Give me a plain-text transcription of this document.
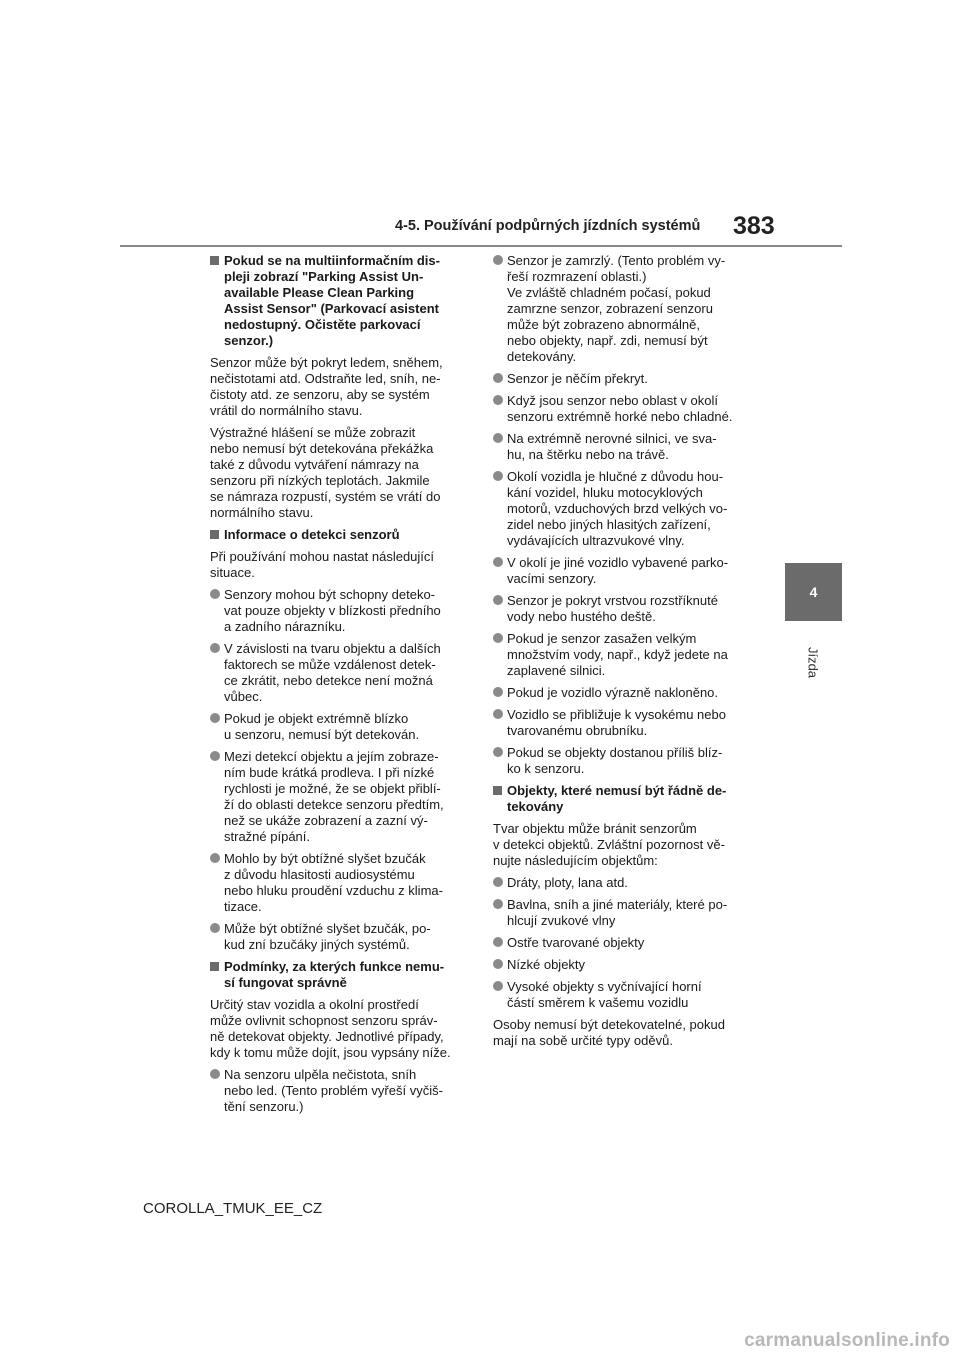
4-5. Používání podpůrných jízdních systémů 383
4
Jízda
Pokud se na multiinformačním dis-
pleji zobrazí "Parking Assist Un-
available Please Clean Parking
Assist Sensor" (Parkovací asistent
nedostupný. Očistěte parkovací
senzor.)
Senzor může být pokryt ledem, sněhem,
nečistotami atd. Odstraňte led, sníh, ne-
čistoty atd. ze senzoru, aby se systém
vrátil do normálního stavu.
Výstražné hlášení se může zobrazit
nebo nemusí být detekována překážka
také z důvodu vytváření námrazy na
senzoru při nízkých teplotách. Jakmile
se námraza rozpustí, systém se vrátí do
normálního stavu.
Informace o detekci senzorů
Při používání mohou nastat následující
situace.
Senzory mohou být schopny deteko-
vat pouze objekty v blízkosti předního
a zadního nárazníku.
V závislosti na tvaru objektu a dalších
faktorech se může vzdálenost detek-
ce zkrátit, nebo detekce není možná
vůbec.
Pokud je objekt extrémně blízko
u senzoru, nemusí být detekován.
Mezi detekcí objektu a jejím zobraze-
ním bude krátká prodleva. I při nízké
rychlosti je možné, že se objekt přiblí-
ží do oblasti detekce senzoru předtím,
než se ukáže zobrazení a zazní vý-
stražné pípání.
Mohlo by být obtížné slyšet bzučák
z důvodu hlasitosti audiosystému
nebo hluku proudění vzduchu z klima-
tizace.
Může být obtížné slyšet bzučák, po-
kud zní bzučáky jiných systémů.
Podmínky, za kterých funkce nemu-
sí fungovat správně
Určitý stav vozidla a okolní prostředí
může ovlivnit schopnost senzoru správ-
ně detekovat objekty. Jednotlivé případy,
kdy k tomu může dojít, jsou vypsány níže.
Na senzoru ulpěla nečistota, sníh
nebo led. (Tento problém vyřeší vyčiš-
tění senzoru.)
Senzor je zamrzlý. (Tento problém vy-
řeší rozmrazení oblasti.)
Ve zvláště chladném počasí, pokud
zamrzne senzor, zobrazení senzoru
může být zobrazeno abnormálně,
nebo objekty, např. zdi, nemusí být
detekovány.
Senzor je něčím překryt.
Když jsou senzor nebo oblast v okolí
senzoru extrémně horké nebo chladné.
Na extrémně nerovné silnici, ve sva-
hu, na štěrku nebo na trávě.
Okolí vozidla je hlučné z důvodu hou-
kání vozidel, hluku motocyklových
motorů, vzduchových brzd velkých vo-
zidel nebo jiných hlasitých zařízení,
vydávajících ultrazvukové vlny.
V okolí je jiné vozidlo vybavené parko-
vacími senzory.
Senzor je pokryt vrstvou rozstříknuté
vody nebo hustého deště.
Pokud je senzor zasažen velkým
množstvím vody, např., když jedete na
zaplavené silnici.
Pokud je vozidlo výrazně nakloněno.
Vozidlo se přibližuje k vysokému nebo
tvarovanému obrubníku.
Pokud se objekty dostanou příliš blíz-
ko k senzoru.
Objekty, které nemusí být řádně de-
tekovány
Tvar objektu může bránit senzorům
v detekci objektů. Zvláštní pozornost vě-
nujte následujícím objektům:
Dráty, ploty, lana atd.
Bavlna, sníh a jiné materiály, které po-
hlcují zvukové vlny
Ostře tvarované objekty
Nízké objekty
Vysoké objekty s vyčnívající horní
částí směrem k vašemu vozidlu
Osoby nemusí být detekovatelné, pokud
mají na sobě určité typy oděvů.
COROLLA_TMUK_EE_CZ
carmanualsonline.info
